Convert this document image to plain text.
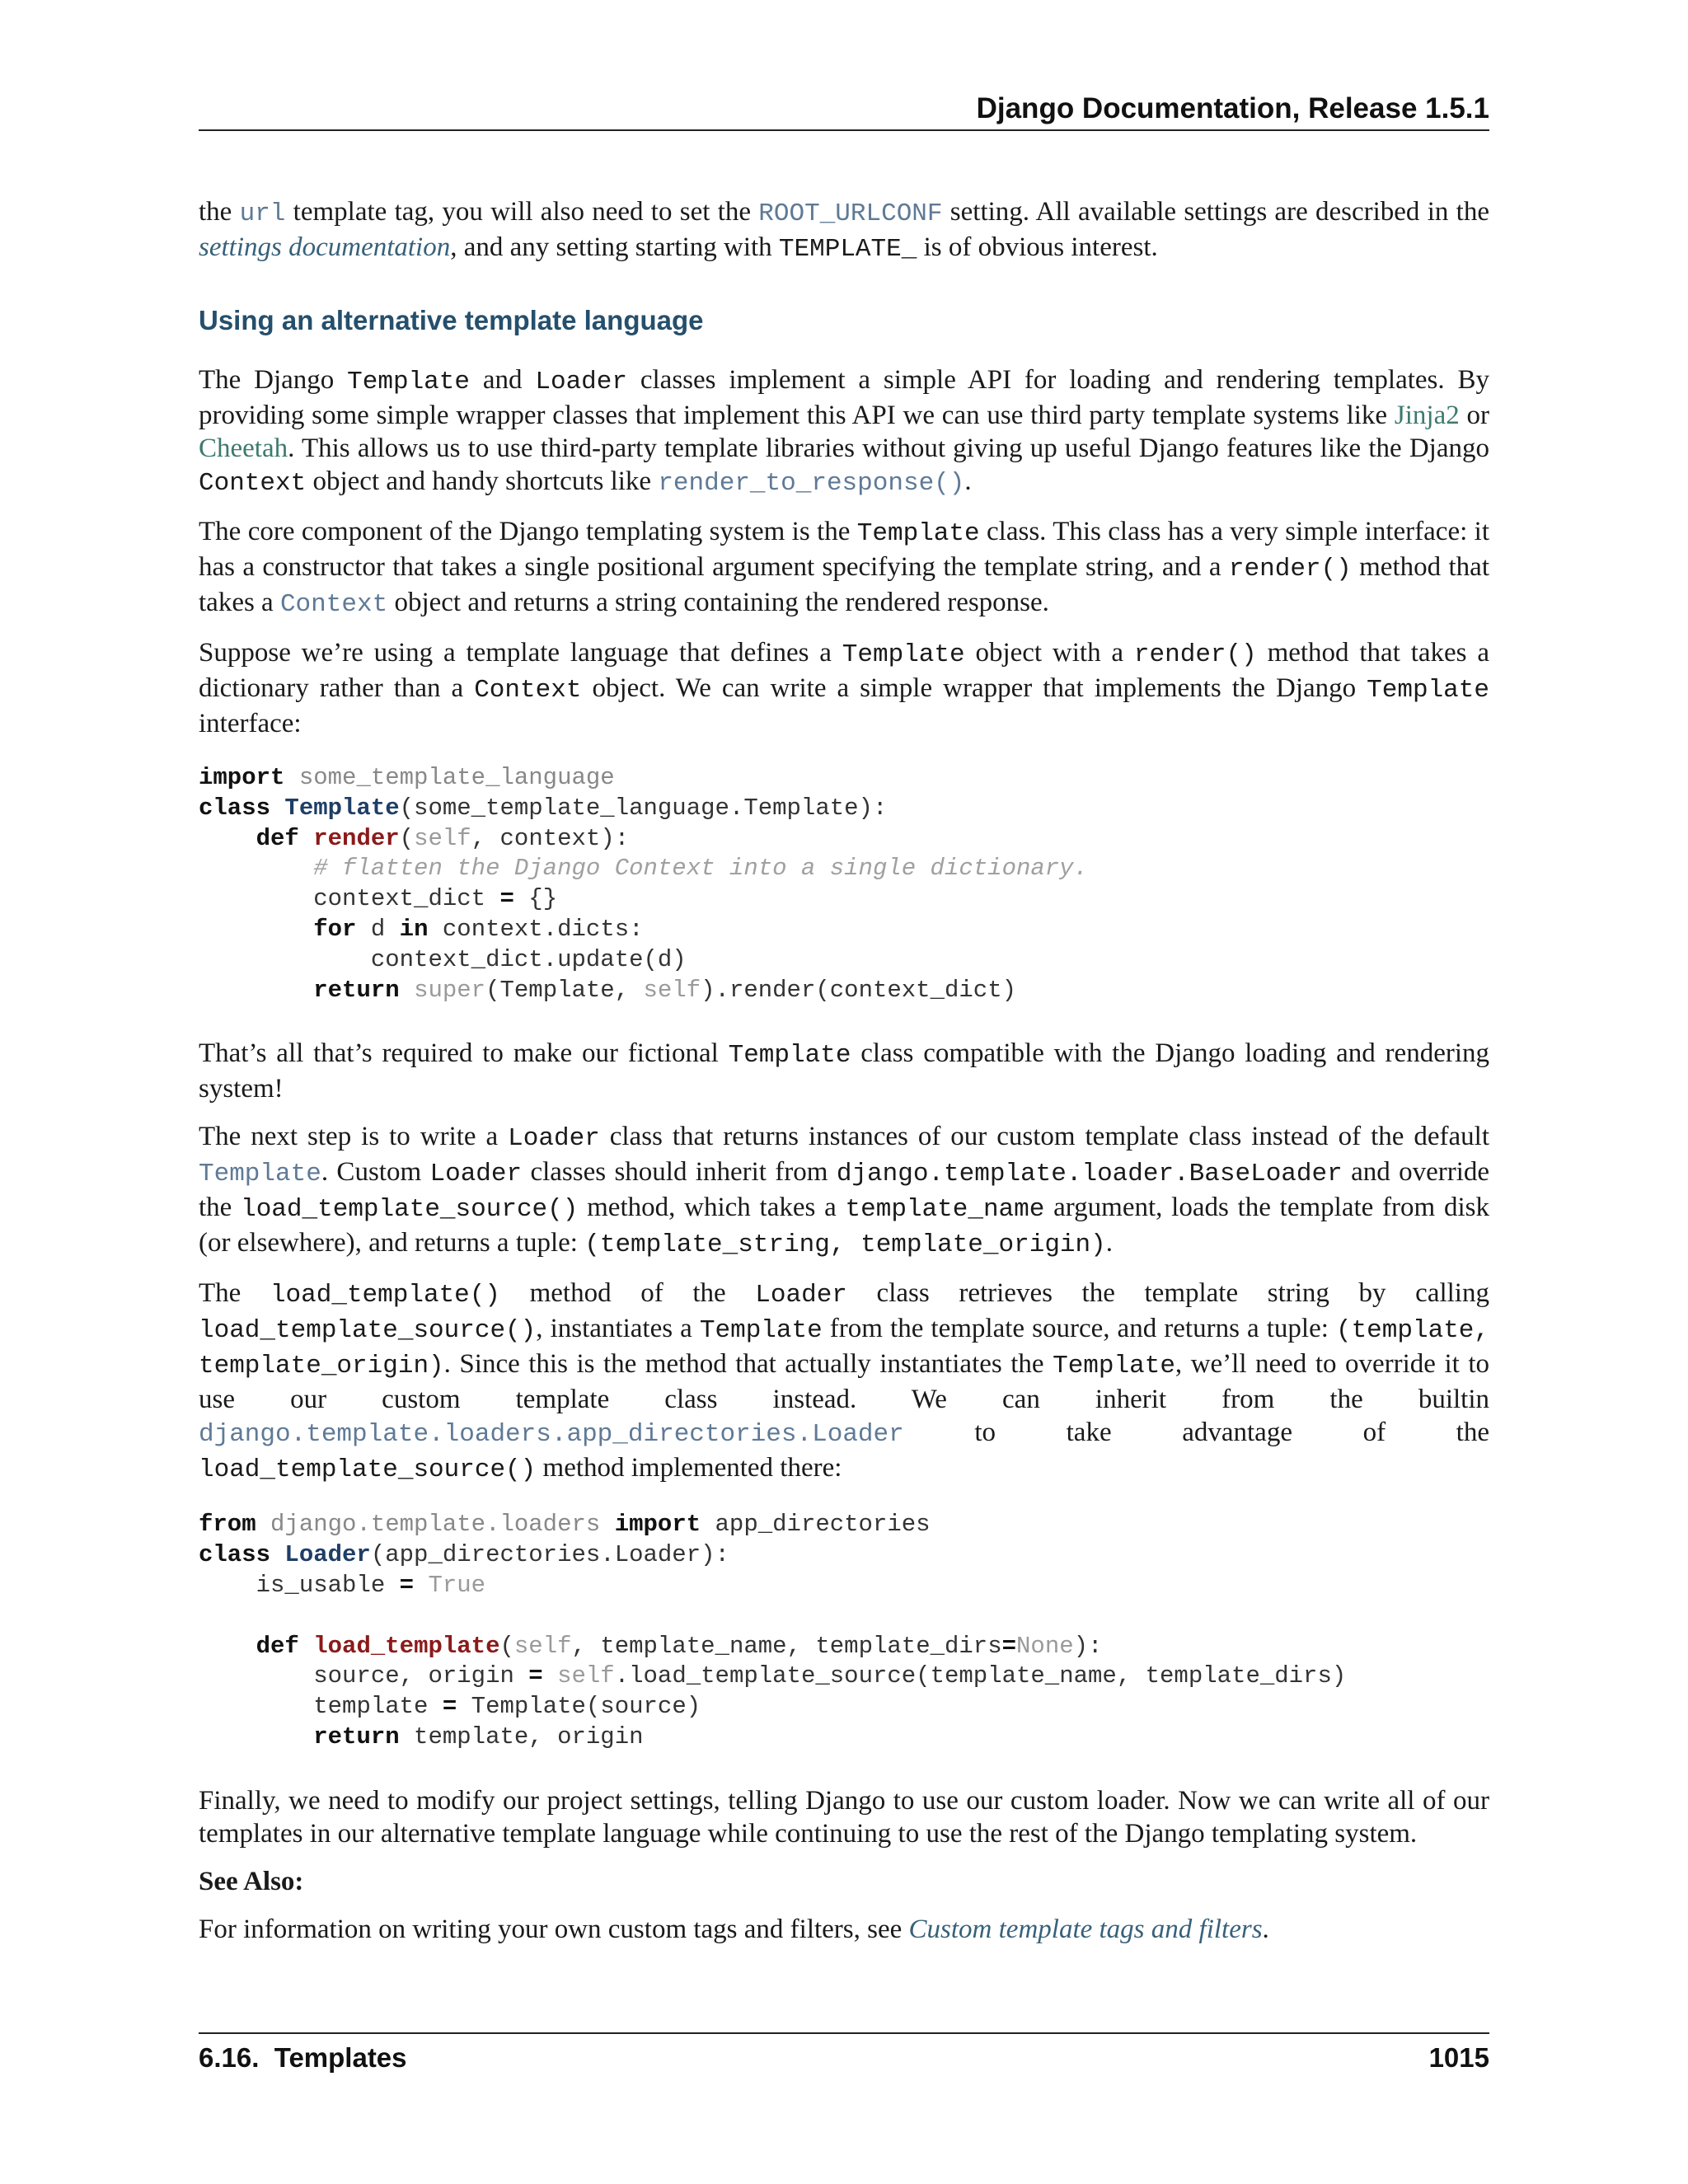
Django Documentation, Release 1.5.1

the url template tag, you will also need to set the ROOT_URLCONF setting. All available settings are described in the settings documentation, and any setting starting with TEMPLATE_ is of obvious interest.

Using an alternative template language

The Django Template and Loader classes implement a simple API for loading and rendering templates. By providing some simple wrapper classes that implement this API we can use third party template systems like Jinja2 or Cheetah. This allows us to use third-party template libraries without giving up useful Django features like the Django Context object and handy shortcuts like render_to_response().

The core component of the Django templating system is the Template class. This class has a very simple interface: it has a constructor that takes a single positional argument specifying the template string, and a render() method that takes a Context object and returns a string containing the rendered response.

Suppose we’re using a template language that defines a Template object with a render() method that takes a dictionary rather than a Context object. We can write a simple wrapper that implements the Django Template interface:

import some_template_language
class Template(some_template_language.Template):
def render(self, context):
# flatten the Django Context into a single dictionary.
context_dict = {}
for d in context.dicts:
context_dict.update(d)
return super(Template, self).render(context_dict)

That’s all that’s required to make our fictional Template class compatible with the Django loading and rendering system!

The next step is to write a Loader class that returns instances of our custom template class instead of the default Template. Custom Loader classes should inherit from django.template.loader.BaseLoader and override the load_template_source() method, which takes a template_name argument, loads the template from disk (or elsewhere), and returns a tuple: (template_string, template_origin).

The load_template() method of the Loader class retrieves the template string by calling load_template_source(), instantiates a Template from the template source, and returns a tuple: (template, template_origin). Since this is the method that actually instantiates the Template, we’ll need to override it to use our custom template class instead. We can inherit from the builtin django.template.loaders.app_directories.Loader to take advantage of the load_template_source() method implemented there:

from django.template.loaders import app_directories
class Loader(app_directories.Loader):
is_usable = True

def load_template(self, template_name, template_dirs=None):
source, origin = self.load_template_source(template_name, template_dirs)
template = Template(source)
return template, origin

Finally, we need to modify our project settings, telling Django to use our custom loader. Now we can write all of our templates in our alternative template language while continuing to use the rest of the Django templating system.

See Also:

For information on writing your own custom tags and filters, see Custom template tags and filters.

6.16.  Templates	1015
